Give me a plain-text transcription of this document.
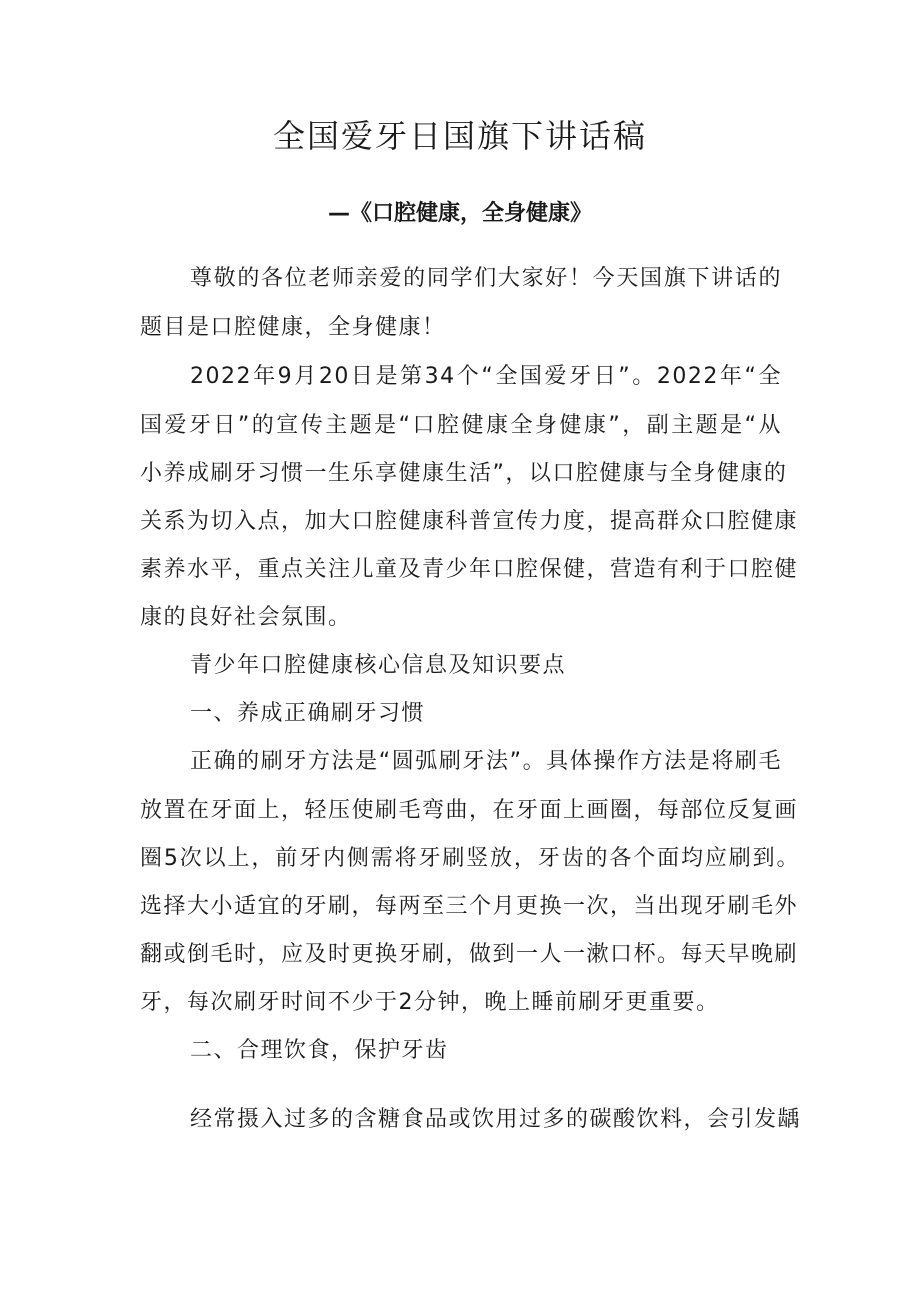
全国爱牙日国旗下讲话稿
—《口腔健康，全身健康》
尊敬的各位老师亲爱的同学们大家好！今天国旗下讲话的
题目是口腔健康，全身健康！
2022年9月20日是第34个“全国爱牙日”。2022年“全
国爱牙日”的宣传主题是“口腔健康全身健康”，副主题是“从
小养成刷牙习惯一生乐享健康生活”，以口腔健康与全身健康的
关系为切入点，加大口腔健康科普宣传力度，提高群众口腔健康
素养水平，重点关注儿童及青少年口腔保健，营造有利于口腔健
康的良好社会氛围。
青少年口腔健康核心信息及知识要点
一、养成正确刷牙习惯
正确的刷牙方法是“圆弧刷牙法”。具体操作方法是将刷毛
放置在牙面上，轻压使刷毛弯曲，在牙面上画圈，每部位反复画
圈5次以上，前牙内侧需将牙刷竖放，牙齿的各个面均应刷到。
选择大小适宜的牙刷，每两至三个月更换一次，当出现牙刷毛外
翻或倒毛时，应及时更换牙刷，做到一人一漱口杯。每天早晚刷
牙，每次刷牙时间不少于2分钟，晚上睡前刷牙更重要。
二、合理饮食，保护牙齿
经常摄入过多的含糖食品或饮用过多的碳酸饮料，会引发龋
